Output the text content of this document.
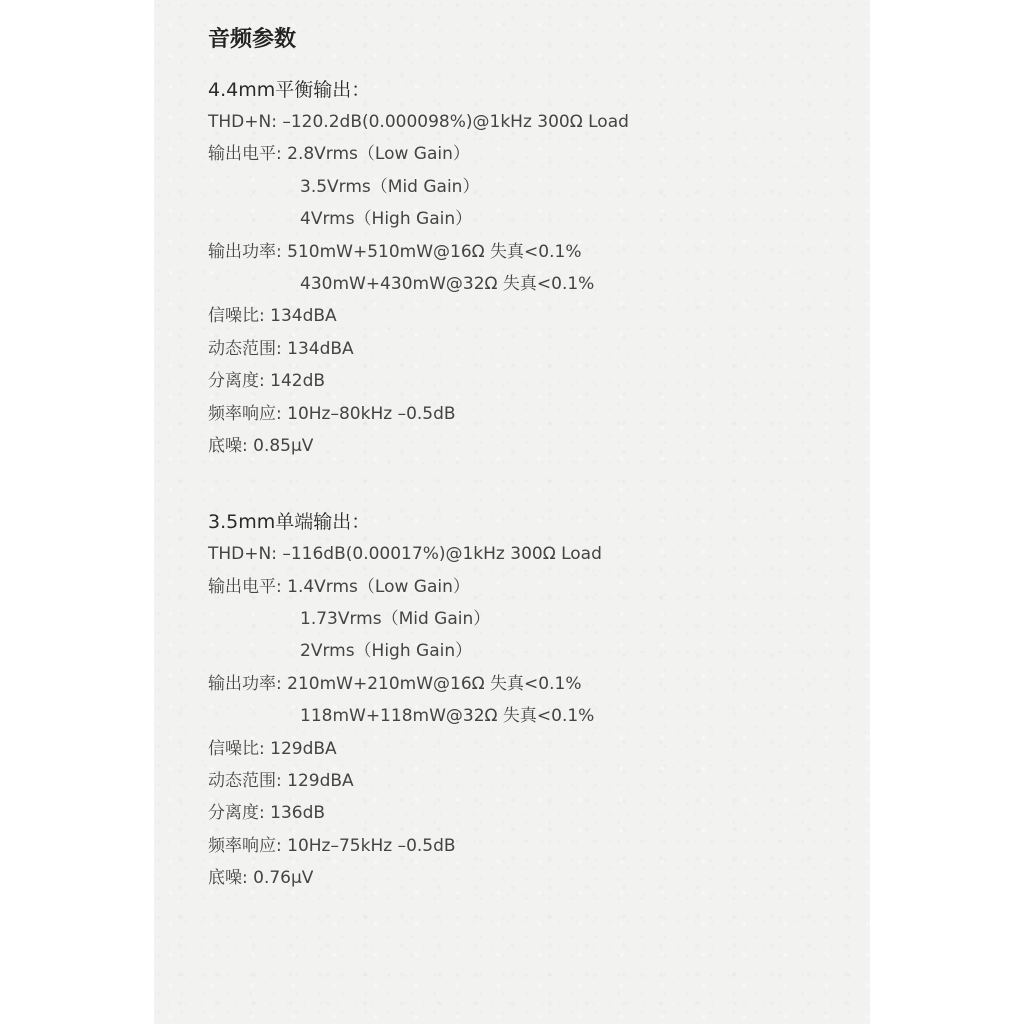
音频参数
4.4mm平衡输出：
THD+N: –120.2dB(0.000098%)@1kHz 300Ω Load
输出电平: 2.8Vrms（Low Gain）
3.5Vrms（Mid Gain）
4Vrms（High Gain）
输出功率: 510mW+510mW@16Ω 失真<0.1%
430mW+430mW@32Ω 失真<0.1%
信噪比: 134dBA
动态范围: 134dBA
分离度: 142dB
频率响应: 10Hz–80kHz –0.5dB
底噪: 0.85μV
3.5mm单端输出：
THD+N: –116dB(0.00017%)@1kHz 300Ω Load
输出电平: 1.4Vrms（Low Gain）
1.73Vrms（Mid Gain）
2Vrms（High Gain）
输出功率: 210mW+210mW@16Ω 失真<0.1%
118mW+118mW@32Ω 失真<0.1%
信噪比: 129dBA
动态范围: 129dBA
分离度: 136dB
频率响应: 10Hz–75kHz –0.5dB
底噪: 0.76μV
